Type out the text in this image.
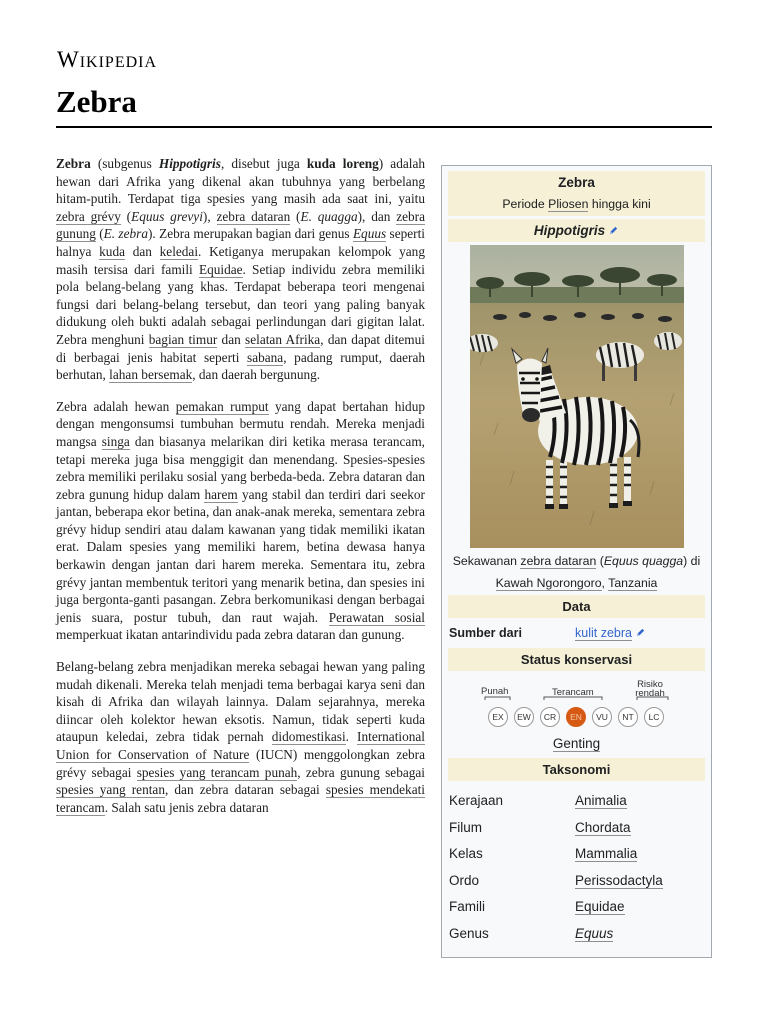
Wikipedia
Zebra

Zebra (subgenus Hippotigris, disebut juga kuda loreng) adalah hewan dari Afrika yang dikenal akan tubuhnya yang berbelang hitam-putih. Terdapat tiga spesies yang masih ada saat ini, yaitu zebra grévy (Equus grevyi), zebra dataran (E. quagga), dan zebra gunung (E. zebra). Zebra merupakan bagian dari genus Equus seperti halnya kuda dan keledai. Ketiganya merupakan kelompok yang masih tersisa dari famili Equidae. Setiap individu zebra memiliki pola belang-belang yang khas. Terdapat beberapa teori mengenai fungsi dari belang-belang tersebut, dan teori yang paling banyak didukung oleh bukti adalah sebagai perlindungan dari gigitan lalat. Zebra menghuni bagian timur dan selatan Afrika, dan dapat ditemui di berbagai jenis habitat seperti sabana, padang rumput, daerah berhutan, lahan bersemak, dan daerah bergunung.

Zebra adalah hewan pemakan rumput yang dapat bertahan hidup dengan mengonsumsi tumbuhan bermutu rendah. Mereka menjadi mangsa singa dan biasanya melarikan diri ketika merasa terancam, tetapi mereka juga bisa menggigit dan menendang. Spesies-spesies zebra memiliki perilaku sosial yang berbeda-beda. Zebra dataran dan zebra gunung hidup dalam harem yang stabil dan terdiri dari seekor jantan, beberapa ekor betina, dan anak-anak mereka, sementara zebra grévy hidup sendiri atau dalam kawanan yang tidak memiliki ikatan erat. Dalam spesies yang memiliki harem, betina dewasa hanya berkawin dengan jantan dari harem mereka. Sementara itu, zebra grévy jantan membentuk teritori yang menarik betina, dan spesies ini juga bergonta-ganti pasangan. Zebra berkomunikasi dengan berbagai jenis suara, postur tubuh, dan raut wajah. Perawatan sosial memperkuat ikatan antarindividu pada zebra dataran dan gunung.

Belang-belang zebra menjadikan mereka sebagai hewan yang paling mudah dikenali. Mereka telah menjadi tema berbagai karya seni dan kisah di Afrika dan wilayah lainnya. Dalam sejarahnya, mereka diincar oleh kolektor hewan eksotis. Namun, tidak seperti kuda ataupun keledai, zebra tidak pernah didomestikasi. International Union for Conservation of Nature (IUCN) menggolongkan zebra grévy sebagai spesies yang terancam punah, zebra gunung sebagai spesies yang rentan, dan zebra dataran sebagai spesies mendekati terancam. Salah satu jenis zebra dataran

Zebra
Periode Pliosen hingga kini
Hippotigris
Sekawanan zebra dataran (Equus quagga) di Kawah Ngorongoro, Tanzania
Data
Sumber dari	kulit zebra
Status konservasi
Punah	Terancam
Risiko rendah
EX	EW	CR	EN	VU	NT	LC
Genting
Taksonomi
Kerajaan	Animalia
Filum	Chordata
Kelas	Mammalia
Ordo	Perissodactyla
Famili	Equidae
Genus	Equus
